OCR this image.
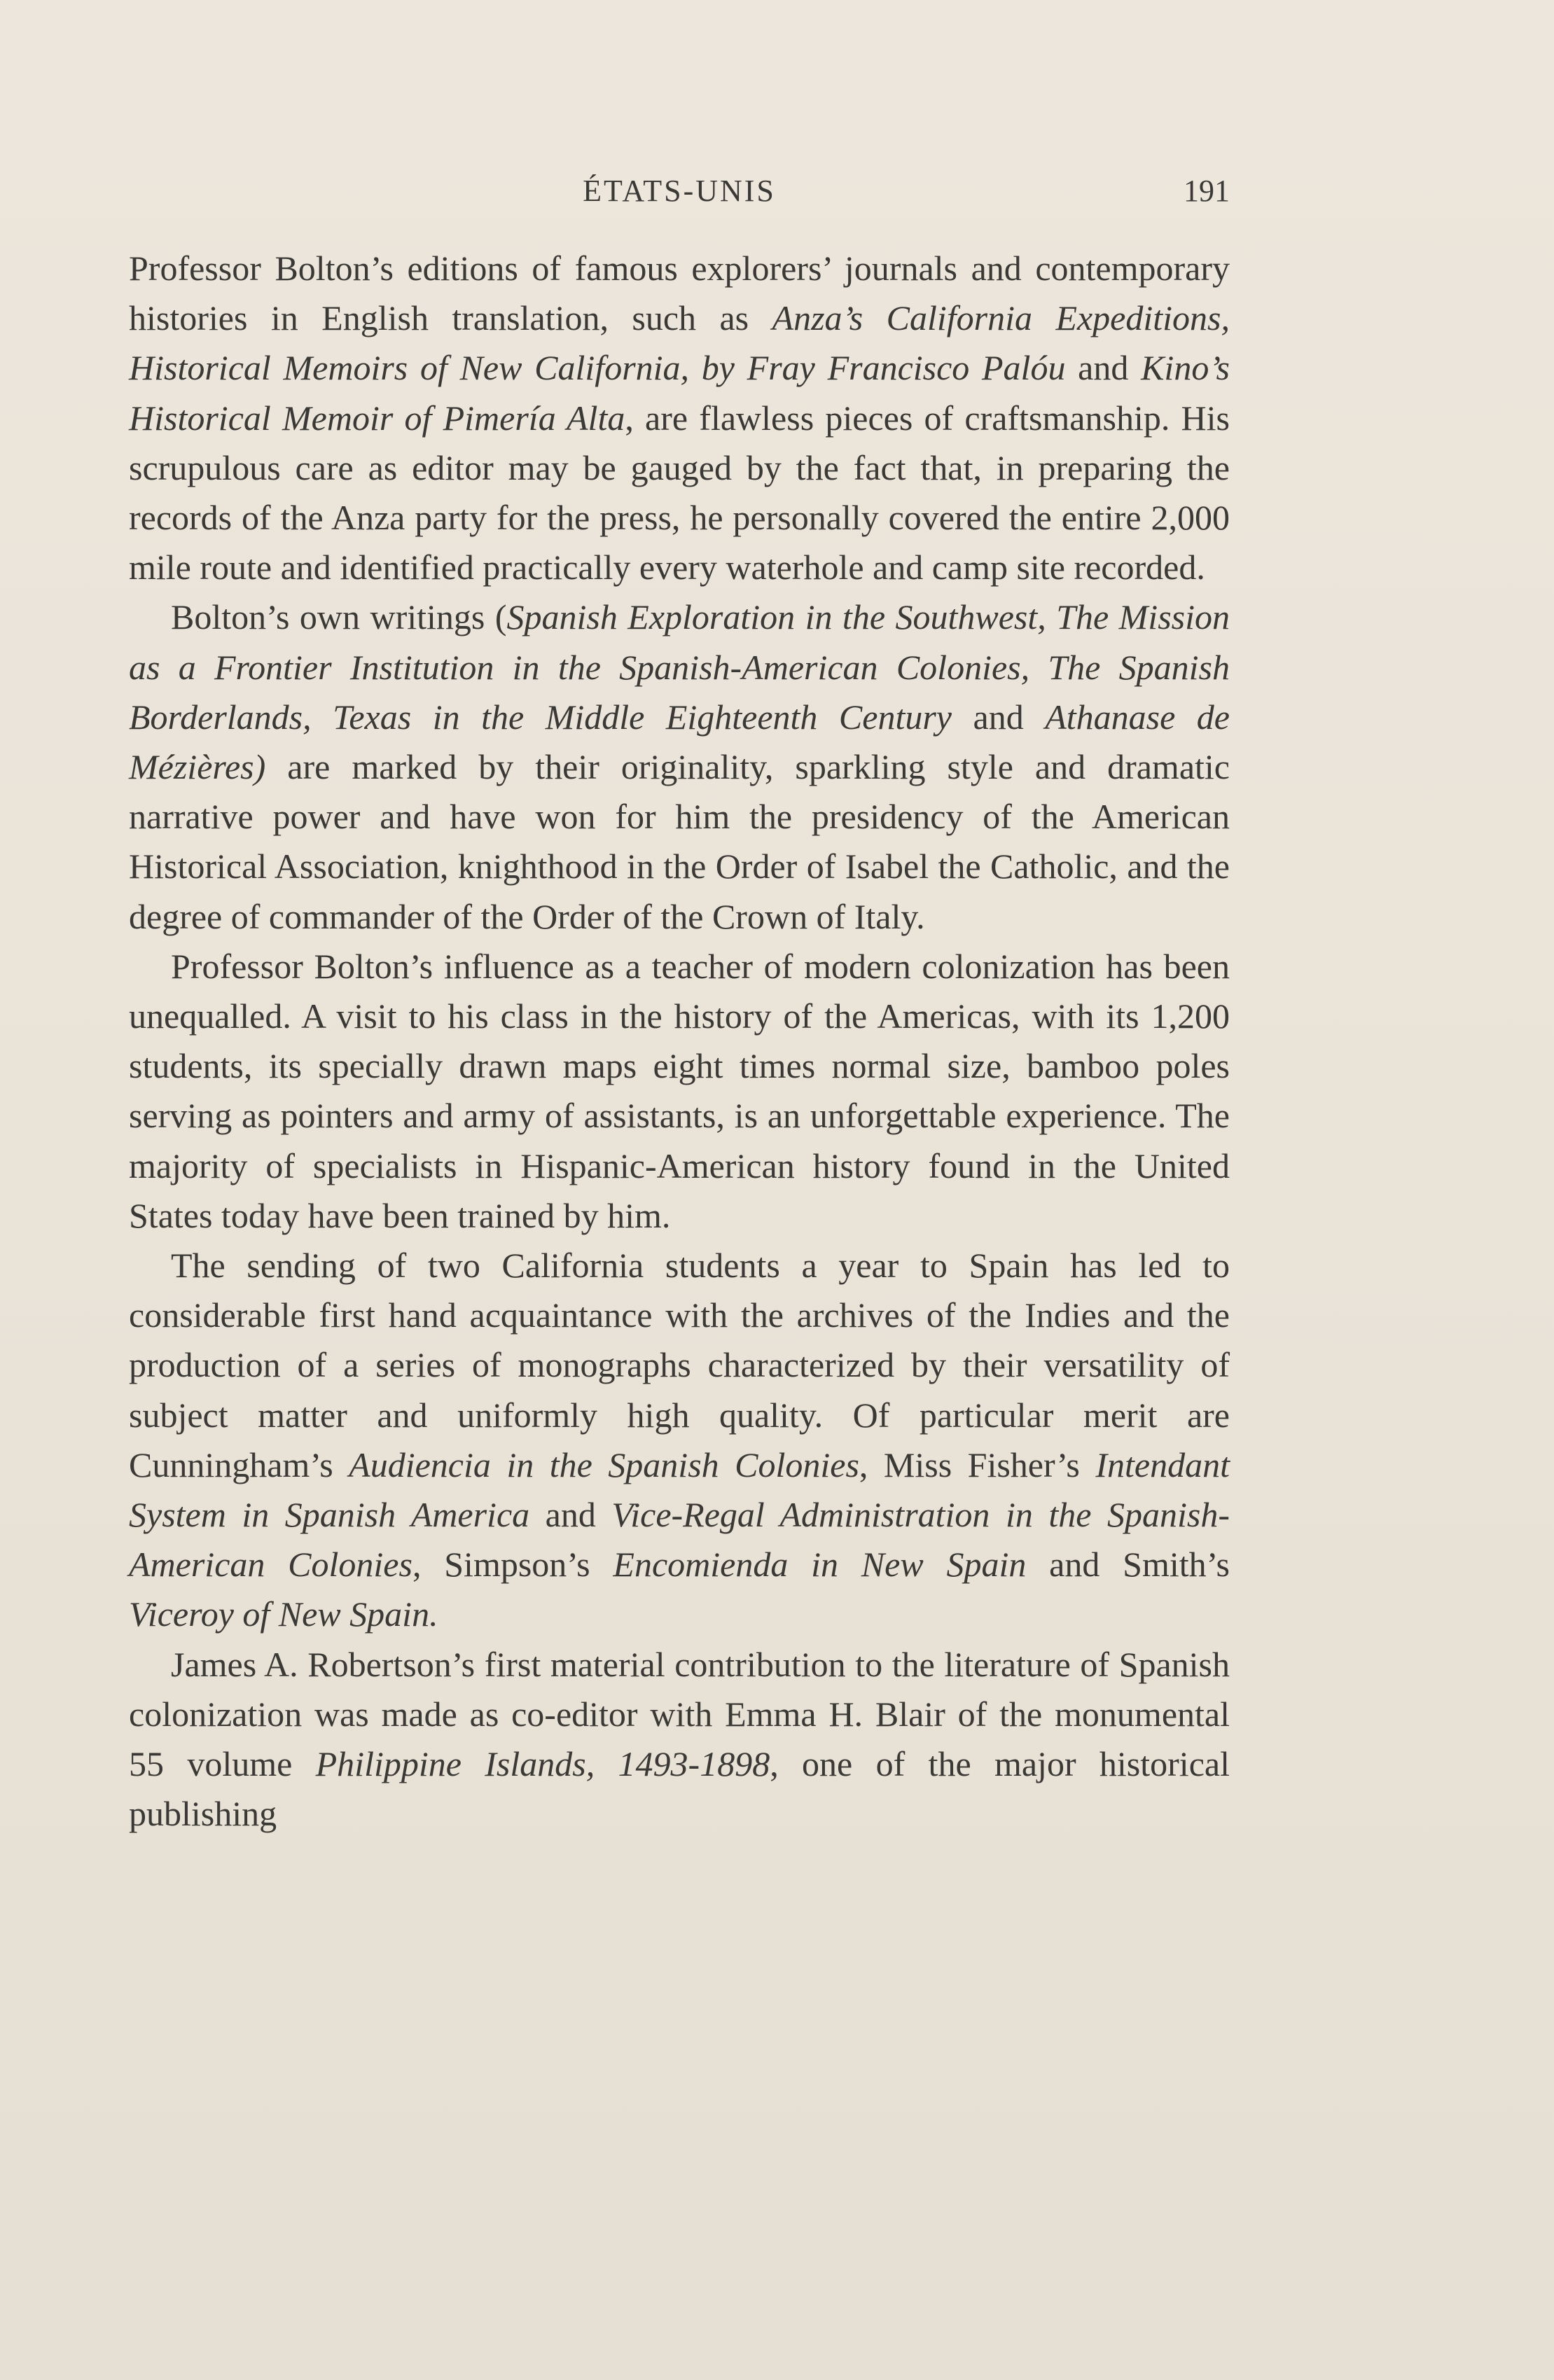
ÉTATS-UNIS	191

Professor Bolton’s editions of famous explorers’ journals and contemporary histories in English translation, such as Anza’s California Expeditions, Historical Memoirs of New California, by Fray Francisco Palóu and Kino’s Historical Memoir of Pimería Alta, are flawless pieces of craftsmanship. His scrupulous care as editor may be gauged by the fact that, in preparing the records of the Anza party for the press, he personally covered the entire 2,000 mile route and identified practically every waterhole and camp site recorded.

Bolton’s own writings (Spanish Exploration in the Southwest, The Mission as a Frontier Institution in the Spanish-American Colonies, The Spanish Borderlands, Texas in the Middle Eighteenth Century and Athanase de Mézières) are marked by their originality, sparkling style and dramatic narrative power and have won for him the presidency of the American Historical Association, knighthood in the Order of Isabel the Catholic, and the degree of commander of the Order of the Crown of Italy.

Professor Bolton’s influence as a teacher of modern colonization has been unequalled. A visit to his class in the history of the Americas, with its 1,200 students, its specially drawn maps eight times normal size, bamboo poles serving as pointers and army of assistants, is an unforgettable experience. The majority of specialists in Hispanic-American history found in the United States today have been trained by him.

The sending of two California students a year to Spain has led to considerable first hand acquaintance with the archives of the Indies and the production of a series of monographs characterized by their versatility of subject matter and uniformly high quality. Of particular merit are Cunningham’s Audiencia in the Spanish Colonies, Miss Fisher’s Intendant System in Spanish America and Vice-Regal Administration in the Spanish-American Colonies, Simpson’s Encomienda in New Spain and Smith’s Viceroy of New Spain.

James A. Robertson’s first material contribution to the literature of Spanish colonization was made as co-editor with Emma H. Blair of the monumental 55 volume Philippine Islands, 1493-1898, one of the major historical publishing
